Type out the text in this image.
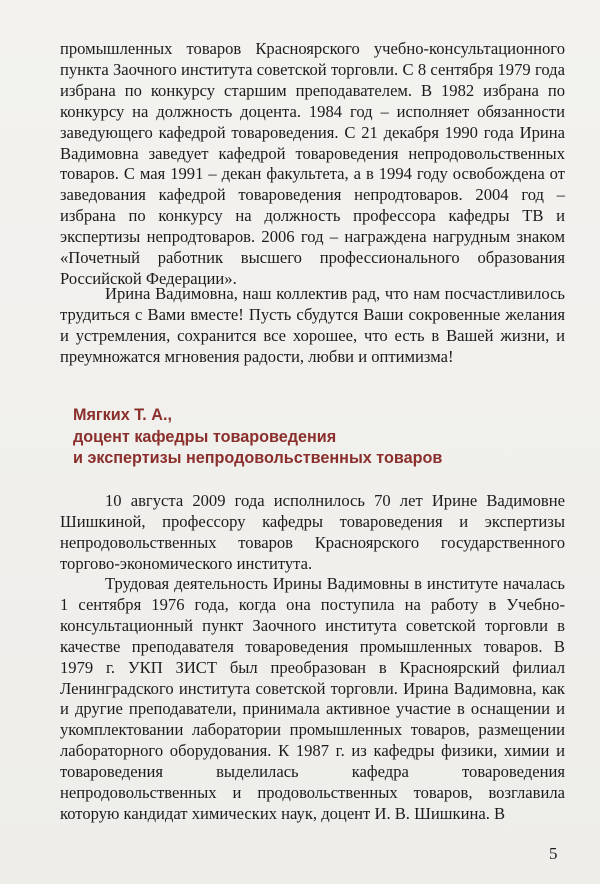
промышленных товаров Красноярского учебно-консультационного пункта Заочного института советской торговли. С 8 сентября 1979 года избрана по конкурсу старшим преподавателем. В 1982 избрана по конкурсу на должность доцента. 1984 год – исполняет обязанности заведующего кафедрой товароведения. С 21 декабря 1990 года Ирина Вадимовна заведует кафедрой товароведения непродовольственных товаров. С мая 1991 – декан факультета, а в 1994 году освобождена от заведования кафедрой товароведения непродтоваров. 2004 год – избрана по конкурсу на должность профессора кафедры ТВ и экспертизы непродтоваров. 2006 год – награждена нагрудным знаком «Почетный работник высшего профессионального образования Российской Федерации».

Ирина Вадимовна, наш коллектив рад, что нам посчастливилось трудиться с Вами вместе! Пусть сбудутся Ваши сокровенные желания и устремления, сохранится все хорошее, что есть в Вашей жизни, и преумножатся мгновения радости, любви и оптимизма!

Мягких Т. А.,
доцент кафедры товароведения
и экспертизы непродовольственных товаров

10 августа 2009 года исполнилось 70 лет Ирине Вадимовне Шишкиной, профессору кафедры товароведения и экспертизы непродовольственных товаров Красноярского государственного торгово-экономического института.

Трудовая деятельность Ирины Вадимовны в институте началась 1 сентября 1976 года, когда она поступила на работу в Учебно-консультационный пункт Заочного института советской торговли в качестве преподавателя товароведения промышленных товаров. В 1979 г. УКП ЗИСТ был преобразован в Красноярский филиал Ленинградского института советской торговли. Ирина Вадимовна, как и другие преподаватели, принимала активное участие в оснащении и укомплектовании лаборатории промышленных товаров, размещении лабораторного оборудования. К 1987 г. из кафедры физики, химии и товароведения выделилась кафедра товароведения непродовольственных и продовольственных товаров, возглавила которую кандидат химических наук, доцент И. В. Шишкина. В

5
